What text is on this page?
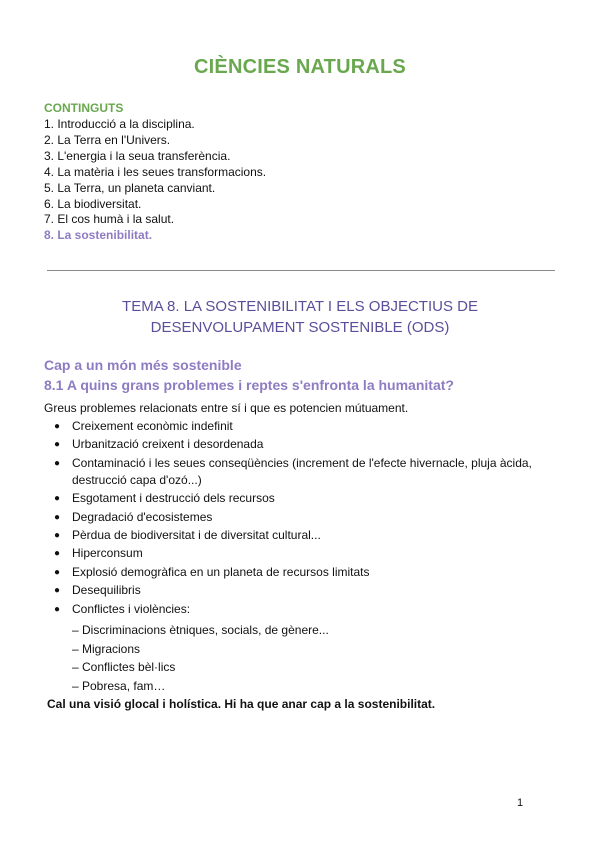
CIÈNCIES NATURALS
CONTINGUTS
1. Introducció a la disciplina.
2. La Terra en l'Univers.
3. L'energia i la seua transferència.
4. La matèria i les seues transformacions.
5. La Terra, un planeta canviant.
6. La biodiversitat.
7. El cos humà i la salut.
8. La sostenibilitat.
TEMA 8. LA SOSTENIBILITAT I ELS OBJECTIUS DE
DESENVOLUPAMENT SOSTENIBLE (ODS)
Cap a un món més sostenible
8.1 A quins grans problemes i reptes s'enfronta la humanitat?
Greus problemes relacionats entre sí i que es potencien mútuament.
● Creixement econòmic indefinit
● Urbanització creixent i desordenada
● Contaminació i les seues conseqüències (increment de l'efecte hivernacle, pluja àcida, destrucció capa d'ozó...)
● Esgotament i destrucció dels recursos
● Degradació d'ecosistemes
● Pèrdua de biodiversitat i de diversitat cultural...
● Hiperconsum
● Explosió demogràfica en un planeta de recursos limitats
● Desequilibris
● Conflictes i violències:
– Discriminacions ètniques, socials, de gènere...
– Migracions
– Conflictes bèl·lics
– Pobresa, fam…
Cal una visió glocal i holística. Hi ha que anar cap a la sostenibilitat.
1
